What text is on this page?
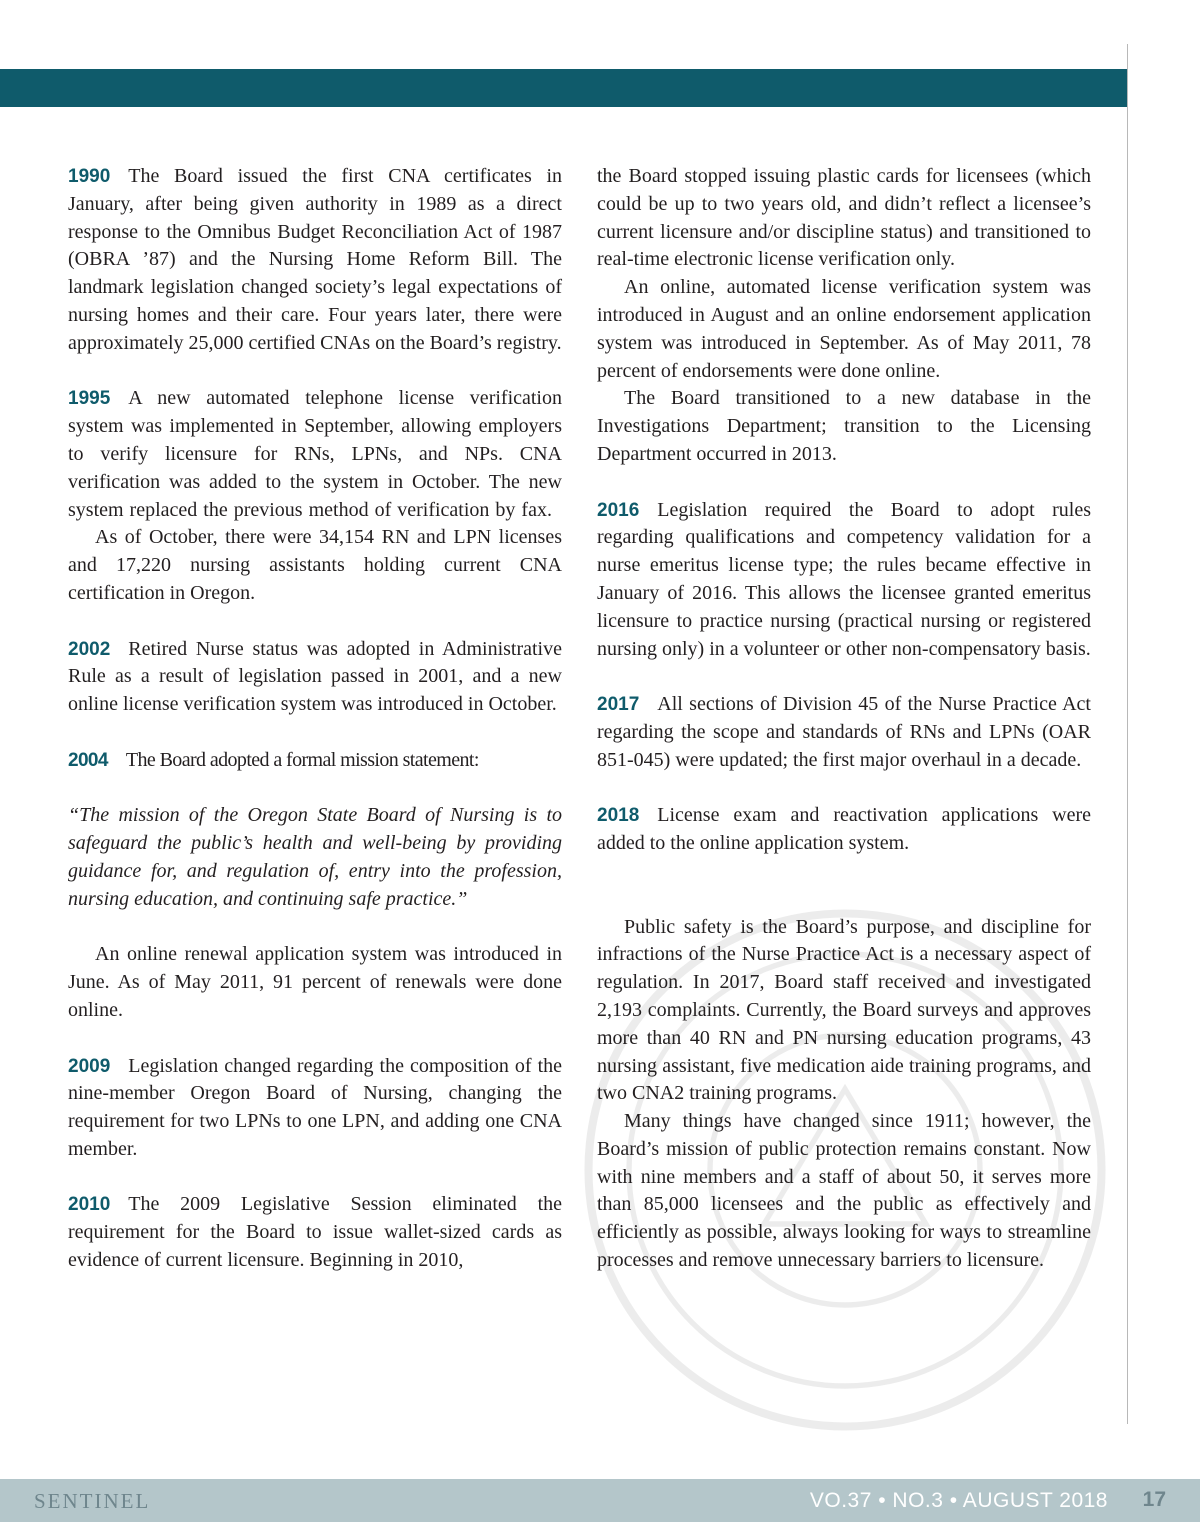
1990 The Board issued the first CNA certificates in January, after being given authority in 1989 as a direct response to the Omnibus Budget Reconciliation Act of 1987 (OBRA ’87) and the Nursing Home Reform Bill. The landmark legislation changed society’s legal expectations of nursing homes and their care. Four years later, there were approximately 25,000 certified CNAs on the Board’s registry.

1995 A new automated telephone license verification system was implemented in September, allowing employers to verify licensure for RNs, LPNs, and NPs. CNA verification was added to the system in October. The new system replaced the previous method of verification by fax.

As of October, there were 34,154 RN and LPN licenses and 17,220 nursing assistants holding current CNA certification in Oregon.

2002 Retired Nurse status was adopted in Administrative Rule as a result of legislation passed in 2001, and a new online license verification system was introduced in October.

2004 The Board adopted a formal mission statement:

“The mission of the Oregon State Board of Nursing is to safeguard the public’s health and well-being by providing guidance for, and regulation of, entry into the profession, nursing education, and continuing safe practice.”

An online renewal application system was introduced in June. As of May 2011, 91 percent of renewals were done online.

2009 Legislation changed regarding the composition of the nine-member Oregon Board of Nursing, changing the requirement for two LPNs to one LPN, and adding one CNA member.

2010 The 2009 Legislative Session eliminated the requirement for the Board to issue wallet-sized cards as evidence of current licensure. Beginning in 2010,

the Board stopped issuing plastic cards for licensees (which could be up to two years old, and didn’t reflect a licensee’s current licensure and/or discipline status) and transitioned to real-time electronic license verification only.

An online, automated license verification system was introduced in August and an online endorsement application system was introduced in September. As of May 2011, 78 percent of endorsements were done online.

The Board transitioned to a new database in the Investigations Department; transition to the Licensing Department occurred in 2013.

2016 Legislation required the Board to adopt rules regarding qualifications and competency validation for a nurse emeritus license type; the rules became effective in January of 2016. This allows the licensee granted emeritus licensure to practice nursing (practical nursing or registered nursing only) in a volunteer or other non-compensatory basis.

2017 All sections of Division 45 of the Nurse Practice Act regarding the scope and standards of RNs and LPNs (OAR 851-045) were updated; the first major overhaul in a decade.

2018 License exam and reactivation applications were added to the online application system.

Public safety is the Board’s purpose, and discipline for infractions of the Nurse Practice Act is a necessary aspect of regulation. In 2017, Board staff received and investigated 2,193 complaints. Currently, the Board surveys and approves more than 40 RN and PN nursing education programs, 43 nursing assistant, five medication aide training programs, and two CNA2 training programs.

Many things have changed since 1911; however, the Board’s mission of public protection remains constant. Now with nine members and a staff of about 50, it serves more than 85,000 licensees and the public as effectively and efficiently as possible, always looking for ways to streamline processes and remove unnecessary barriers to licensure.

SENTINEL	VO.37 • NO.3 • AUGUST 2018 17
